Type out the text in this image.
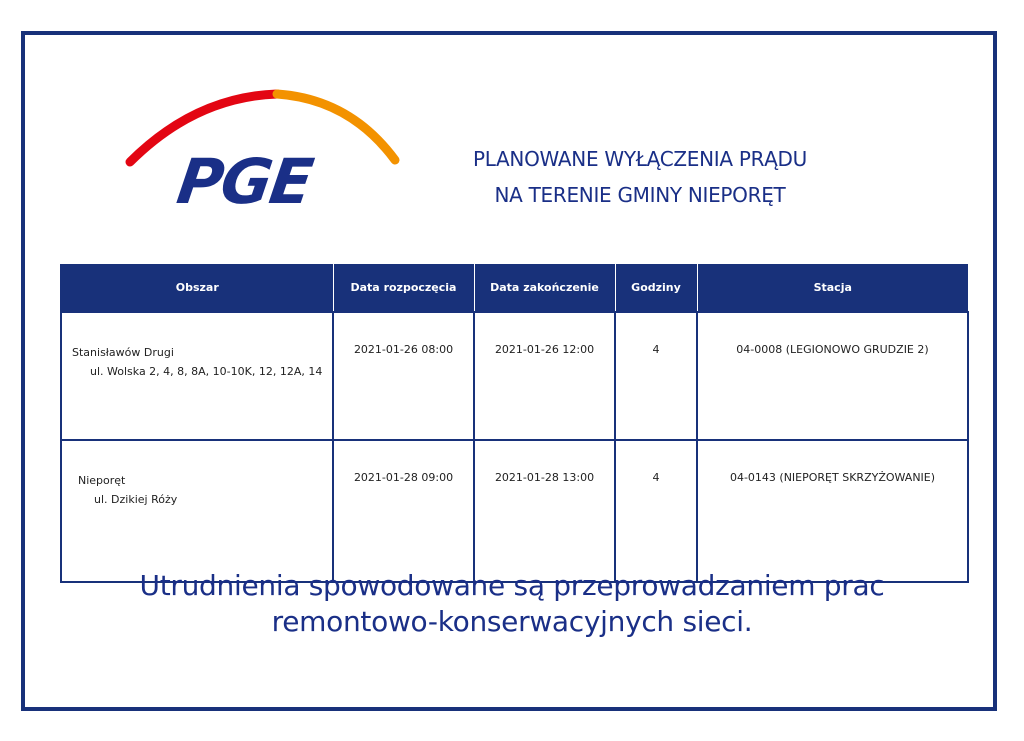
PGE	PLANOWANE WYŁĄCZENIA PRĄDU
NA TERENIE GMINY NIEPORĘT
Obszar	Data rozpoczęcia	Data zakończenie	Godziny	Stacja

Stanisławów Drugi
ul. Wolska 2, 4, 8, 8A, 10-10K, 12, 12A, 14	2021-01-26 08:00	2021-01-26 12:00	4	04-0008 (LEGIONOWO GRUDZIE 2)

Nieporęt
ul. Dzikiej Róży	2021-01-28 09:00	2021-01-28 13:00	4	04-0143 (NIEPORĘT SKRZYŻOWANIE)
Utrudnienia spowodowane są przeprowadzaniem prac
remontowo-konserwacyjnych sieci.
